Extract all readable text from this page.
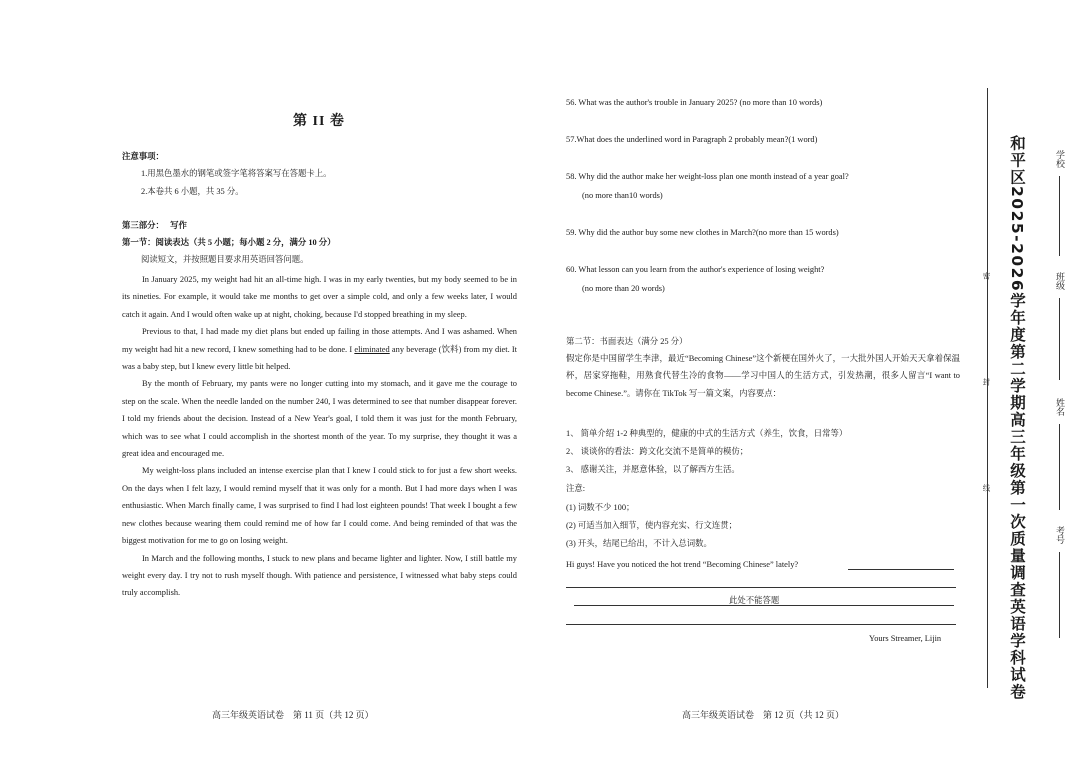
第 II 卷
注意事项：
1.用黑色墨水的钢笔或签字笔将答案写在答题卡上。
2.本卷共 6 小题，共 35 分。
第三部分：   写作
第一节：阅读表达（共 5 小题；每小题 2 分，满分 10 分）
阅读短文，并按照题目要求用英语回答问题。

In January 2025, my weight had hit an all-time high. I was in my early twenties, but my body seemed to be in its nineties. For example, it would take me months to get over a simple cold, and only a few weeks later, I would catch it again. And I would often wake up at night, choking, because I'd stopped breathing in my sleep.

Previous to that, I had made my diet plans but ended up failing in those attempts. And I was ashamed. When my weight had hit a new record, I knew something had to be done. I eliminated any beverage (饮料) from my diet. It was a baby step, but I knew every little bit helped.

By the month of February, my pants were no longer cutting into my stomach, and it gave me the courage to step on the scale. When the needle landed on the number 240, I was determined to see that number disappear forever. I told my friends about the decision. Instead of a New Year's goal, I told them it was just for the month February, which was to see what I could accomplish in the shortest month of the year. To my surprise, they thought it was a great idea and encouraged me.

My weight-loss plans included an intense exercise plan that I knew I could stick to for just a few short weeks. On the days when I felt lazy, I would remind myself that it was only for a month. But I had more days when I was enthusiastic. When March finally came, I was surprised to find I had lost eighteen pounds! That week I bought a few new clothes because wearing them could remind me of how far I could come. And being reminded of that was the biggest motivation for me to go on losing weight.

In March and the following months, I stuck to new plans and became lighter and lighter. Now, I still battle my weight every day. I try not to rush myself though. With patience and persistence, I witnessed what baby steps could truly accomplish.

高三年级英语试卷    第 11 页（共 12 页）
56. What was the author's trouble in January 2025? (no more than 10 words)
57.What does the underlined word in Paragraph 2 probably mean?(1 word)
58. Why did the author make her weight-loss plan one month instead of a year goal?
(no more than10 words)
59. Why did the author buy some new clothes in March?(no more than 15 words)
60. What lesson can you learn from the author's experience of losing weight?
(no more than 20 words)
第二节：书面表达（满分 25 分）
假定你是中国留学生李津，最近“Becoming Chinese”这个新梗在国外火了，一大批外国人开始天天拿着保温杯，居家穿拖鞋，用熟食代替生冷的食物——学习中国人的生活方式，引发热潮，很多人留言“I want to become Chinese.”。请你在 TikTok 写一篇文案，内容要点：
1、 简单介绍 1-2 种典型的，健康的中式的生活方式（养生，饮食，日常等）
2、 谈谈你的看法：跨文化交流不是简单的模仿；
3、 感谢关注，并愿意体验，以了解西方生活。
注意:
(1) 词数不少 100；
(2) 可适当加入细节，使内容充实、行文连贯；
(3) 开头，结尾已给出，不计入总词数。
Hi guys! Have you noticed the hot trend “Becoming Chinese” lately?
此处不能答题
Yours Streamer, Lijin
高三年级英语试卷    第 12 页（共 12 页）
密
封
线 和平区2025-2026学年度第二学期高三年级第一次质量调查英语学科试卷	学校
班级
姓名
考号
